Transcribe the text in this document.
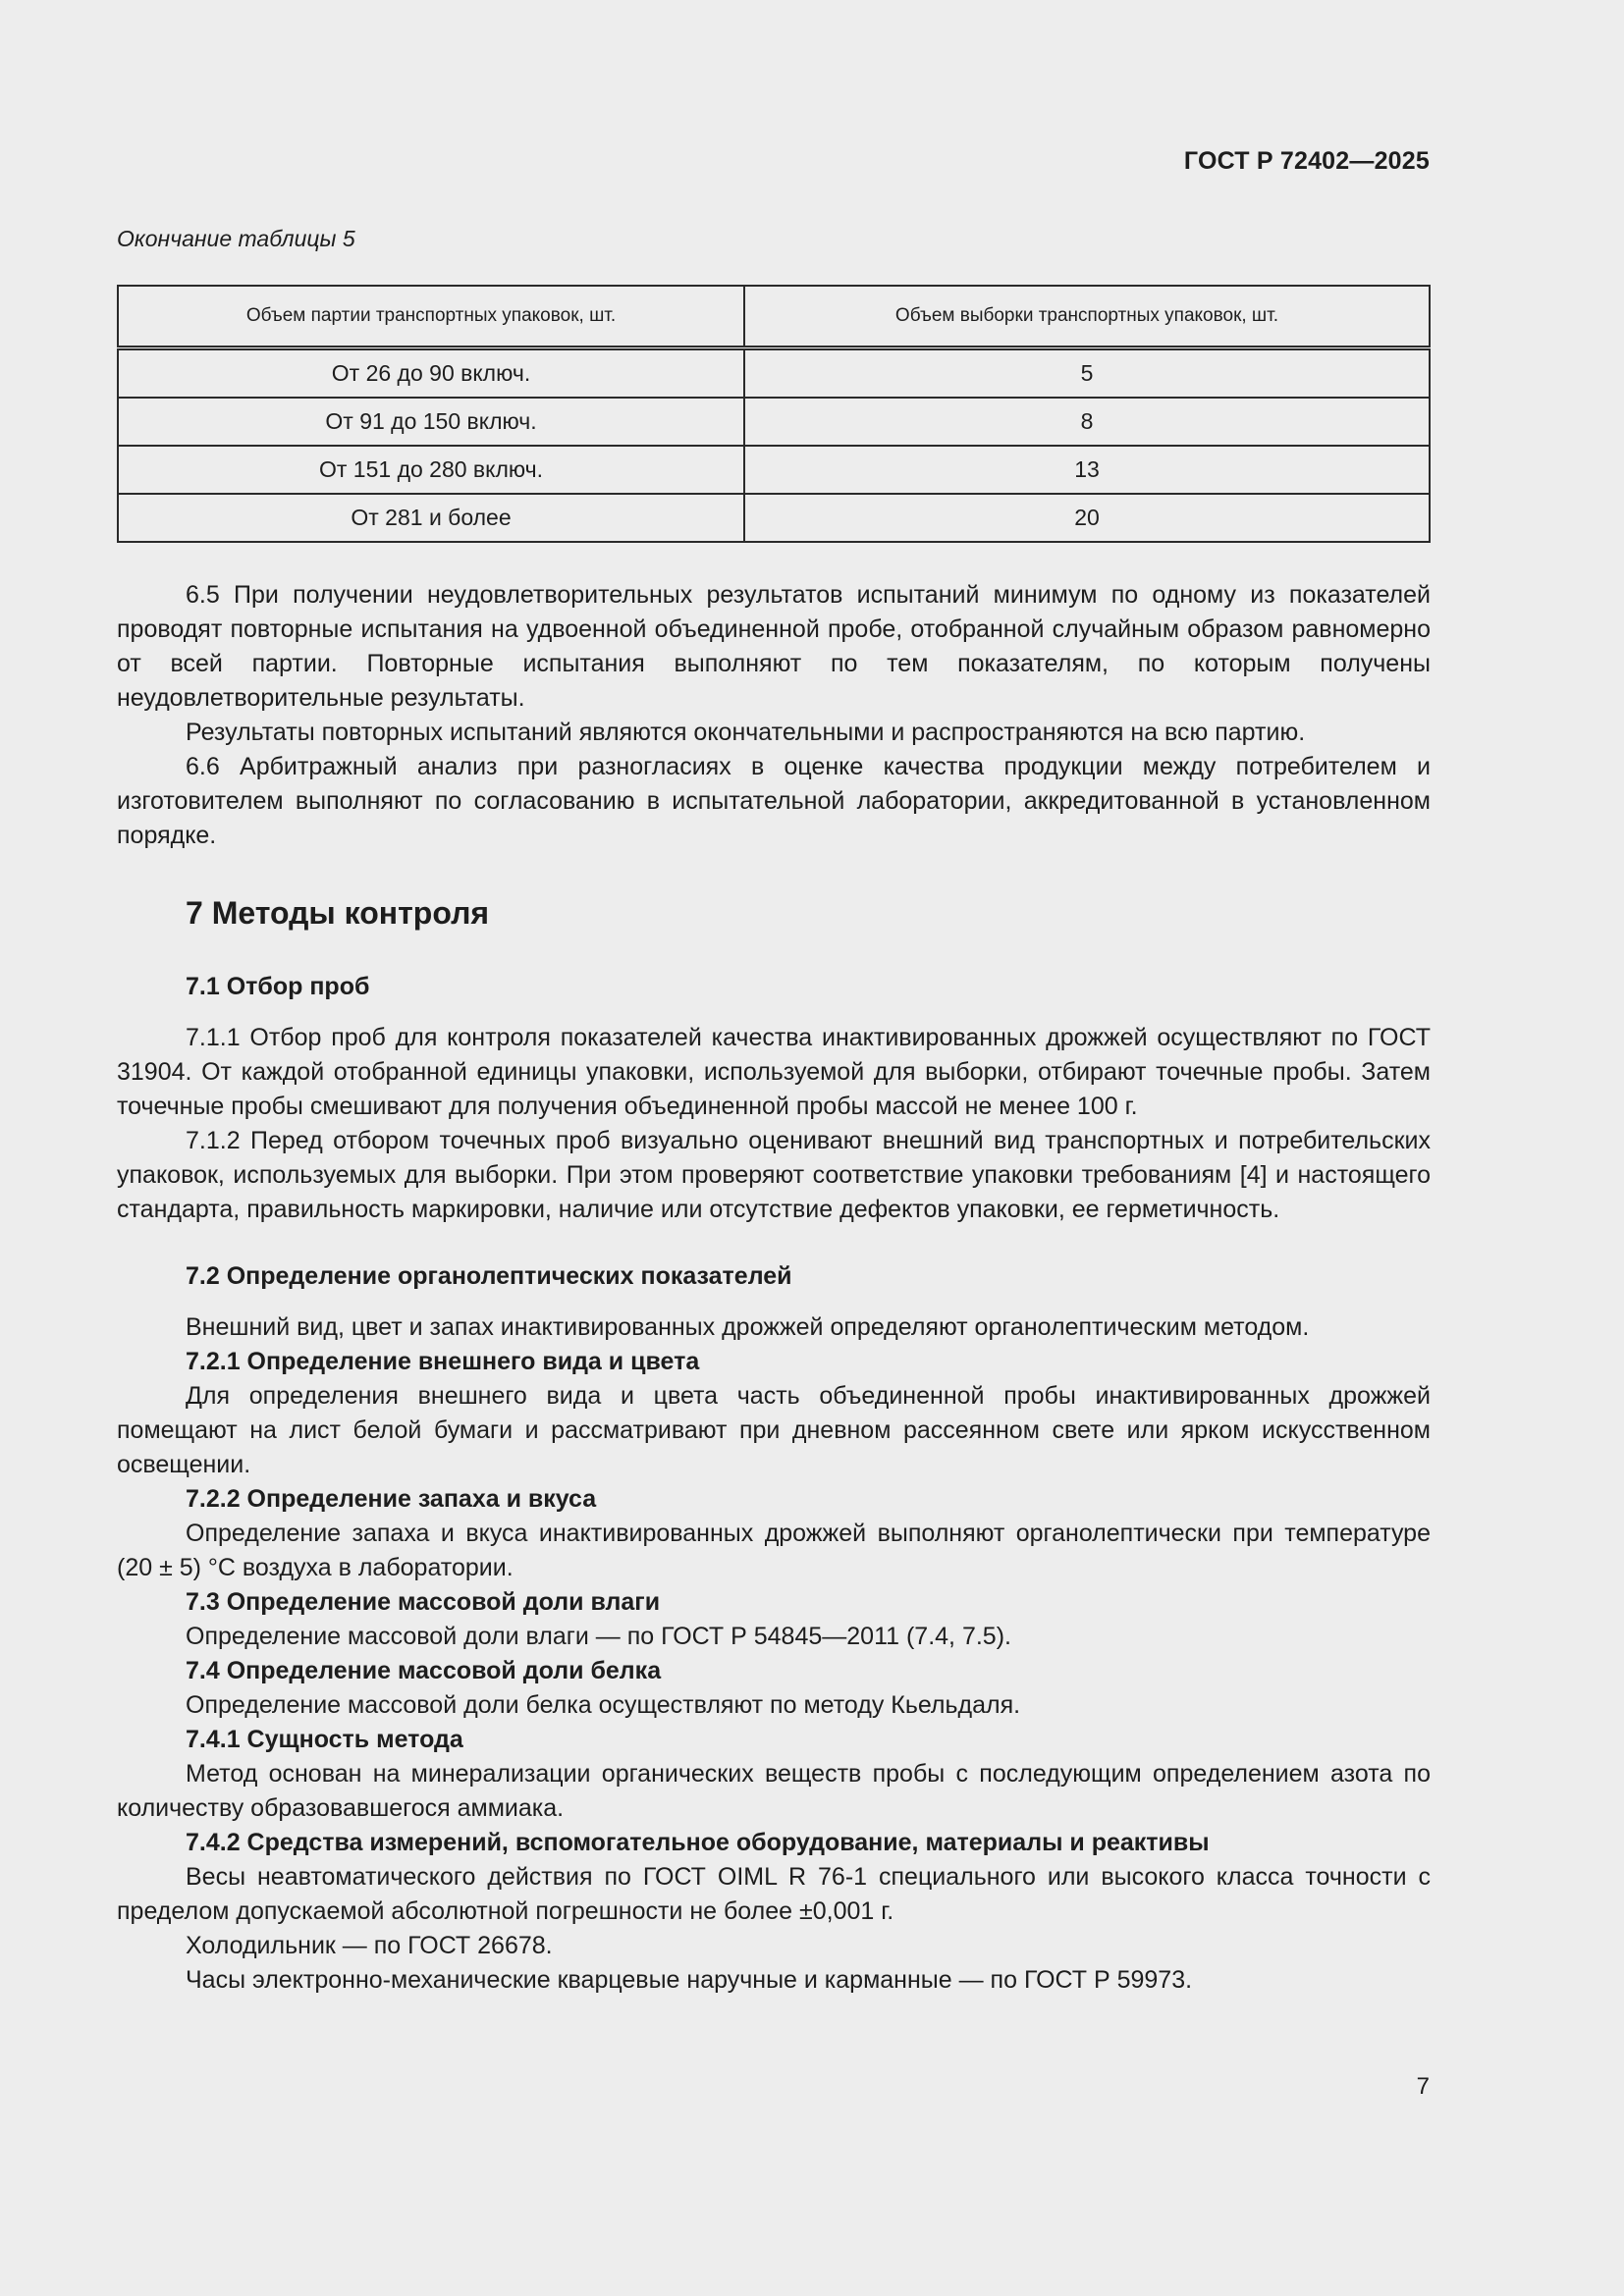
ГОСТ Р 72402—2025
Окончание таблицы 5
Объем партии транспортных упаковок, шт.	Объем выборки транспортных упаковок, шт.
От 26 до 90 включ.	5
От 91 до 150 включ.	8
От 151 до 280 включ.	13
От 281 и более	20

6.5 При получении неудовлетворительных результатов испытаний минимум по одному из показателей проводят повторные испытания на удвоенной объединенной пробе, отобранной случайным образом равномерно от всей партии. Повторные испытания выполняют по тем показателям, по которым получены неудовлетворительные результаты.

Результаты повторных испытаний являются окончательными и распространяются на всю партию.

6.6 Арбитражный анализ при разногласиях в оценке качества продукции между потребителем и изготовителем выполняют по согласованию в испытательной лаборатории, аккредитованной в установленном порядке.

7 Методы контроля
7.1 Отбор проб

7.1.1 Отбор проб для контроля показателей качества инактивированных дрожжей осуществляют по ГОСТ 31904. От каждой отобранной единицы упаковки, используемой для выборки, отбирают точечные пробы. Затем точечные пробы смешивают для получения объединенной пробы массой не менее 100 г.

7.1.2 Перед отбором точечных проб визуально оценивают внешний вид транспортных и потребительских упаковок, используемых для выборки. При этом проверяют соответствие упаковки требованиям [4] и настоящего стандарта, правильность маркировки, наличие или отсутствие дефектов упаковки, ее герметичность.

7.2 Определение органолептических показателей

Внешний вид, цвет и запах инактивированных дрожжей определяют органолептическим методом.

7.2.1 Определение внешнего вида и цвета

Для определения внешнего вида и цвета часть объединенной пробы инактивированных дрожжей помещают на лист белой бумаги и рассматривают при дневном рассеянном свете или ярком искусственном освещении.

7.2.2 Определение запаха и вкуса

Определение запаха и вкуса инактивированных дрожжей выполняют органолептически при температуре (20 ± 5) °С воздуха в лаборатории.

7.3 Определение массовой доли влаги

Определение массовой доли влаги — по ГОСТ Р 54845—2011 (7.4, 7.5).

7.4 Определение массовой доли белка

Определение массовой доли белка осуществляют по методу Кьельдаля.

7.4.1 Сущность метода

Метод основан на минерализации органических веществ пробы с последующим определением азота по количеству образовавшегося аммиака.

7.4.2 Средства измерений, вспомогательное оборудование, материалы и реактивы

Весы неавтоматического действия по ГОСТ OIML R 76-1 специального или высокого класса точности с пределом допускаемой абсолютной погрешности не более ±0,001 г.

Холодильник — по ГОСТ 26678.

Часы электронно-механические кварцевые наручные и карманные — по ГОСТ Р 59973.

7
